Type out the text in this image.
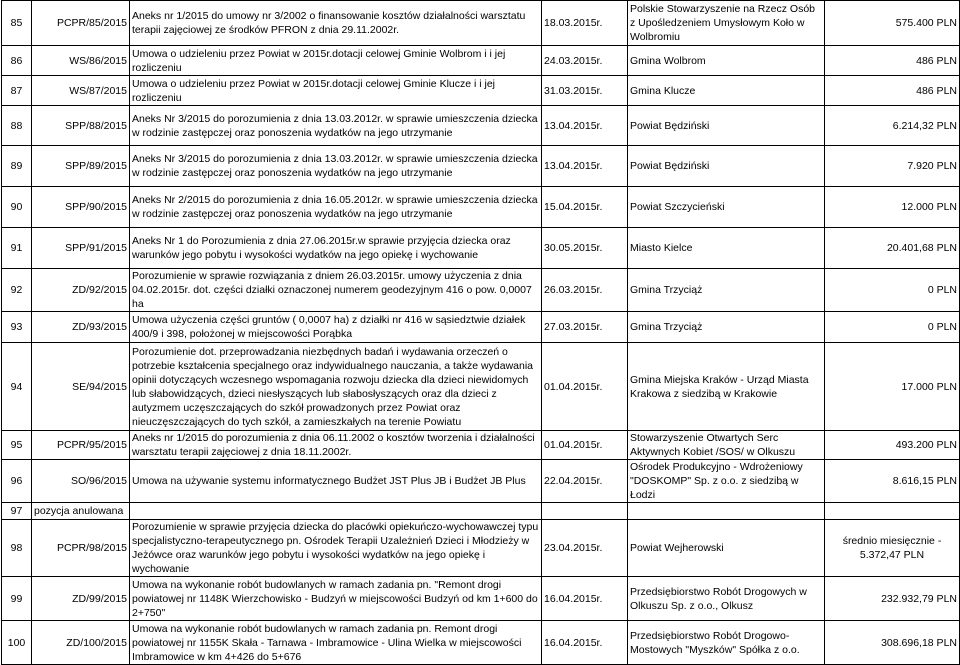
85	PCPR/85/2015	Aneks nr 1/2015 do umowy nr 3/2002 o finansowanie kosztów działalności warsztatu terapii zajęciowej ze środków PFRON z dnia 29.11.2002r.	18.03.2015r.	Polskie Stowarzyszenie na Rzecz Osób z Upośledzeniem Umysłowym Koło w Wolbromiu	575.400 PLN
86	WS/86/2015	Umowa o udzieleniu przez Powiat w 2015r.dotacji celowej Gminie Wolbrom i i jej rozliczeniu	24.03.2015r.	Gmina Wolbrom	486 PLN
87	WS/87/2015	Umowa o udzieleniu przez Powiat w 2015r.dotacji celowej Gminie Klucze i i jej rozliczeniu	31.03.2015r.	Gmina Klucze	486 PLN
88	SPP/88/2015	Aneks Nr 3/2015 do porozumienia z dnia 13.03.2012r. w sprawie umieszczenia dziecka w rodzinie zastępczej oraz ponoszenia wydatków na jego utrzymanie	13.04.2015r.	Powiat Będziński	6.214,32 PLN
89	SPP/89/2015	Aneks Nr 3/2015 do porozumienia z dnia 13.03.2012r. w sprawie umieszczenia dziecka w rodzinie zastępczej oraz ponoszenia wydatków na jego utrzymanie	13.04.2015r.	Powiat Będziński	7.920 PLN
90	SPP/90/2015	Aneks Nr 2/2015 do porozumienia z dnia 16.05.2012r. w sprawie umieszczenia dziecka w rodzinie zastępczej oraz ponoszenia wydatków na jego utrzymanie	15.04.2015r.	Powiat Szczycieński	12.000 PLN
91	SPP/91/2015	Aneks Nr 1 do Porozumienia z dnia 27.06.2015r.w sprawie przyjęcia dziecka oraz warunków jego pobytu i wysokości wydatków na jego opiekę i wychowanie	30.05.2015r.	Miasto Kielce	20.401,68 PLN
92	ZD/92/2015	Porozumienie w sprawie rozwiązania z dniem 26.03.2015r. umowy użyczenia z dnia 04.02.2015r. dot. części działki oznaczonej numerem geodezyjnym 416 o pow. 0,0007 ha	26.03.2015r.	Gmina Trzyciąż	0 PLN
93	ZD/93/2015	Umowa użyczenia części gruntów ( 0,0007 ha) z działki nr 416 w sąsiedztwie działek 400/9 i 398, położonej w miejscowości Porąbka	27.03.2015r.	Gmina Trzyciąż	0 PLN
94	SE/94/2015	Porozumienie dot. przeprowadzania niezbędnych badań i wydawania orzeczeń o potrzebie kształcenia specjalnego oraz indywidualnego nauczania, a także wydawania opinii dotyczących wczesnego wspomagania rozwoju dziecka dla dzieci niewidomych lub słabowidzących, dzieci niesłyszących lub słabosłyszących oraz dla dzieci z autyzmem uczęszczających do szkół prowadzonych przez Powiat oraz nieuczęszczających do tych szkół, a zamieszkałych na terenie Powiatu	01.04.2015r.	Gmina Miejska Kraków - Urząd Miasta Krakowa z siedzibą w Krakowie	17.000 PLN
95	PCPR/95/2015	Aneks nr 1/2015 do porozumienia z dnia 06.11.2002 o kosztów tworzenia i działalności warsztatu terapii zajęciowej z dnia 18.11.2002r.	01.04.2015r.	Stowarzyszenie Otwartych Serc Aktywnych Kobiet /SOS/ w Olkuszu	493.200 PLN
96	SO/96/2015	Umowa na używanie systemu informatycznego Budżet JST Plus JB i Budżet JB Plus	22.04.2015r.	Ośrodek Produkcyjno - Wdrożeniowy "DOSKOMP" Sp. z o.o. z siedzibą w Łodzi	8.616,15 PLN
97	pozycja anulowana				
98	PCPR/98/2015	Porozumienie w sprawie przyjęcia dziecka do placówki opiekuńczo-wychowawczej typu specjalistyczno-terapeutycznego pn. Ośrodek Terapii Uzależnień Dzieci i Młodzieży w Jeżówce oraz warunków jego pobytu i wysokości wydatków na jego opiekę i wychowanie	23.04.2015r.	Powiat Wejherowski	średnio miesięcznie - 5.372,47 PLN
99	ZD/99/2015	Umowa na wykonanie robót budowlanych w ramach zadania pn. "Remont drogi powiatowej nr 1148K Wierzchowisko - Budzyń w miejscowości Budzyń od km 1+600 do 2+750"	16.04.2015r.	Przedsiębiorstwo Robót Drogowych w Olkuszu Sp. z o.o., Olkusz	232.932,79 PLN
100	ZD/100/2015	Umowa na wykonanie robót budowlanych w ramach zadania pn. Remont drogi powiatowej nr 1155K Skała - Tarnawa - Imbramowice - Ulina Wielka w miejscowości Imbramowice w km 4+426 do 5+676	16.04.2015r.	Przedsiębiorstwo Robót Drogowo-Mostowych "Myszków" Spółka z o.o.	308.696,18 PLN
